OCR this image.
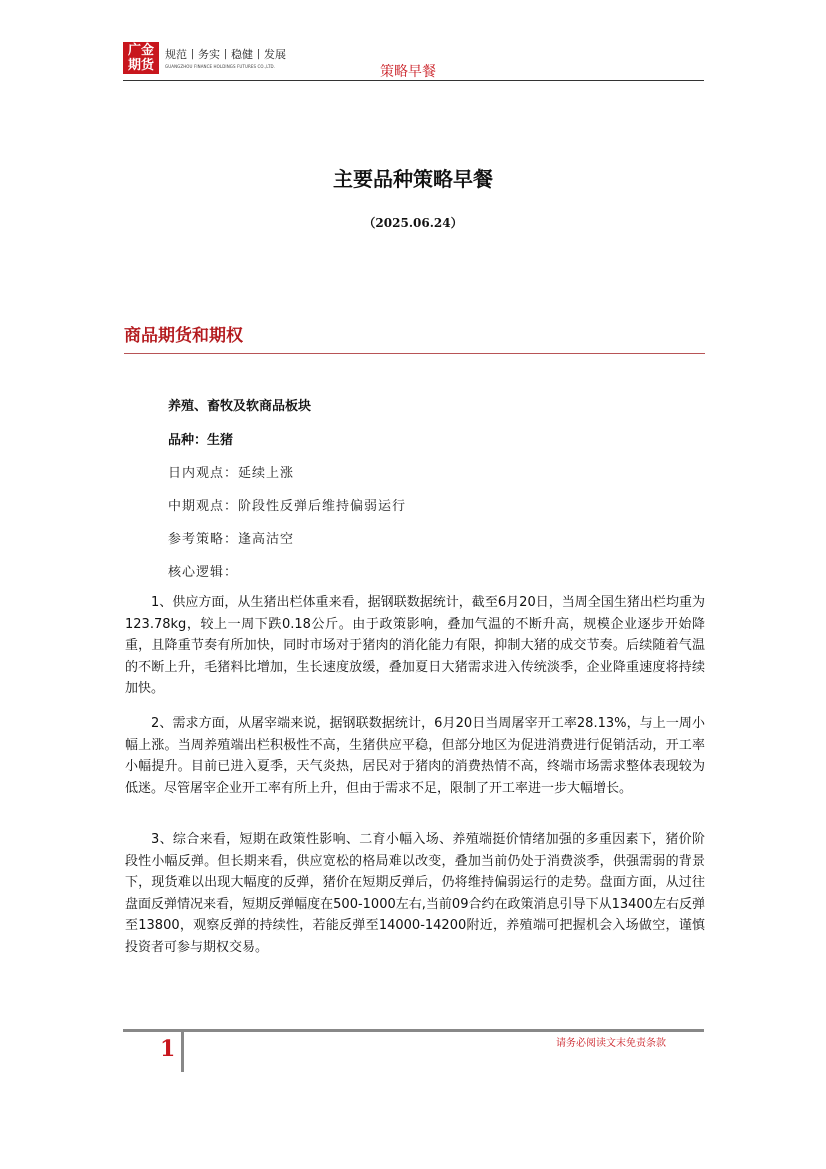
广金
期货
规范丨务实丨稳健丨发展
GUANGZHOU FINANCE HOLDINGS FUTURES CO.,LTD.	策略早餐
主要品种策略早餐
（2025.06.24）
商品期货和期权
养殖、畜牧及软商品板块
品种：生猪
日内观点：延续上涨
中期观点：阶段性反弹后维持偏弱运行
参考策略：逢高沽空
核心逻辑：

1、供应方面，从生猪出栏体重来看，据钢联数据统计，截至6月20日，当周全国生猪出栏均重为123.78kg，较上一周下跌0.18公斤。由于政策影响，叠加气温的不断升高，规模企业逐步开始降重，且降重节奏有所加快，同时市场对于猪肉的消化能力有限，抑制大猪的成交节奏。后续随着气温的不断上升，毛猪料比增加，生长速度放缓，叠加夏日大猪需求进入传统淡季，企业降重速度将持续加快。

2、需求方面，从屠宰端来说，据钢联数据统计，6月20日当周屠宰开工率28.13%，与上一周小幅上涨。当周养殖端出栏积极性不高，生猪供应平稳，但部分地区为促进消费进行促销活动，开工率小幅提升。目前已进入夏季，天气炎热，居民对于猪肉的消费热情不高，终端市场需求整体表现较为低迷。尽管屠宰企业开工率有所上升，但由于需求不足，限制了开工率进一步大幅增长。

3、综合来看，短期在政策性影响、二育小幅入场、养殖端挺价情绪加强的多重因素下，猪价阶段性小幅反弹。但长期来看，供应宽松的格局难以改变，叠加当前仍处于消费淡季，供强需弱的背景下，现货难以出现大幅度的反弹，猪价在短期反弹后，仍将维持偏弱运行的走势。盘面方面，从过往盘面反弹情况来看，短期反弹幅度在500-1000左右,当前09合约在政策消息引导下从13400左右反弹至13800，观察反弹的持续性，若能反弹至14000-14200附近，养殖端可把握机会入场做空，谨慎投资者可参与期权交易。

1	请务必阅读文末免责条款
